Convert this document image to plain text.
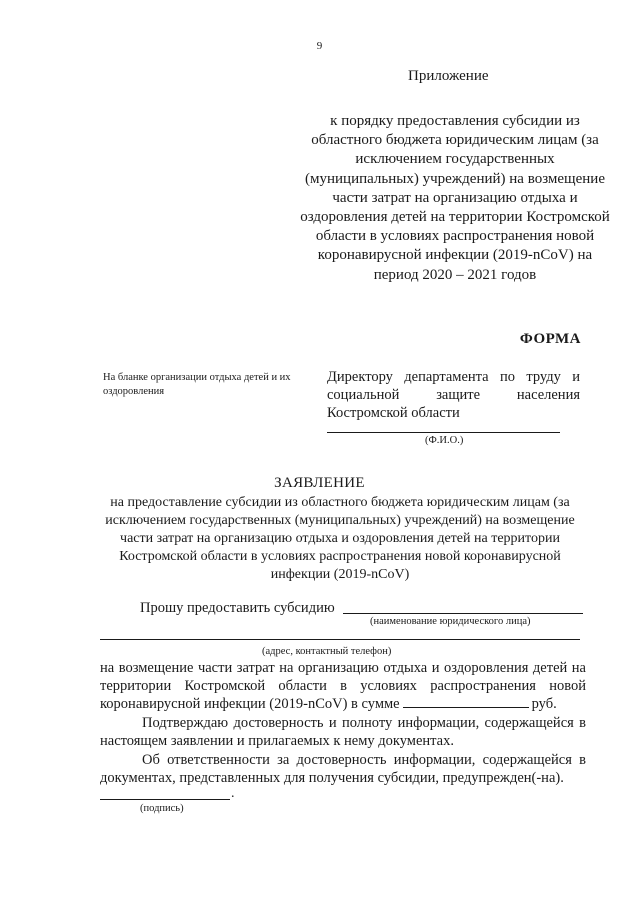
9
Приложение
к порядку предоставления субсидии из областного бюджета юридическим лицам (за исключением государственных (муниципальных) учреждений) на возмещение части затрат на организацию отдыха и оздоровления детей на территории Костромской области в условиях распространения новой коронавирусной инфекции (2019-nCoV) на период 2020 – 2021 годов
ФОРМА
На бланке организации отдыха детей и их оздоровления
Директору департамента по труду и социальной защите населения Костромской области
(Ф.И.О.)
ЗАЯВЛЕНИЕ
на предоставление субсидии из областного бюджета юридическим лицам (за исключением государственных (муниципальных) учреждений) на возмещение части затрат на организацию отдыха и оздоровления детей на территории Костромской области в условиях распространения новой коронавирусной инфекции (2019-nCoV)
Прошу предоставить субсидию
(наименование юридического лица)
(адрес, контактный телефон)
на возмещение части затрат на организацию отдыха и оздоровления детей на территории Костромской области в условиях распространения новой коронавирусной инфекции (2019-nCoV) в сумме	руб.
Подтверждаю достоверность и полноту информации, содержащейся в настоящем заявлении и прилагаемых к нему документах.
Об ответственности за достоверность информации, содержащейся в документах, представленных для получения субсидии, предупрежден(-на).
.
(подпись)
